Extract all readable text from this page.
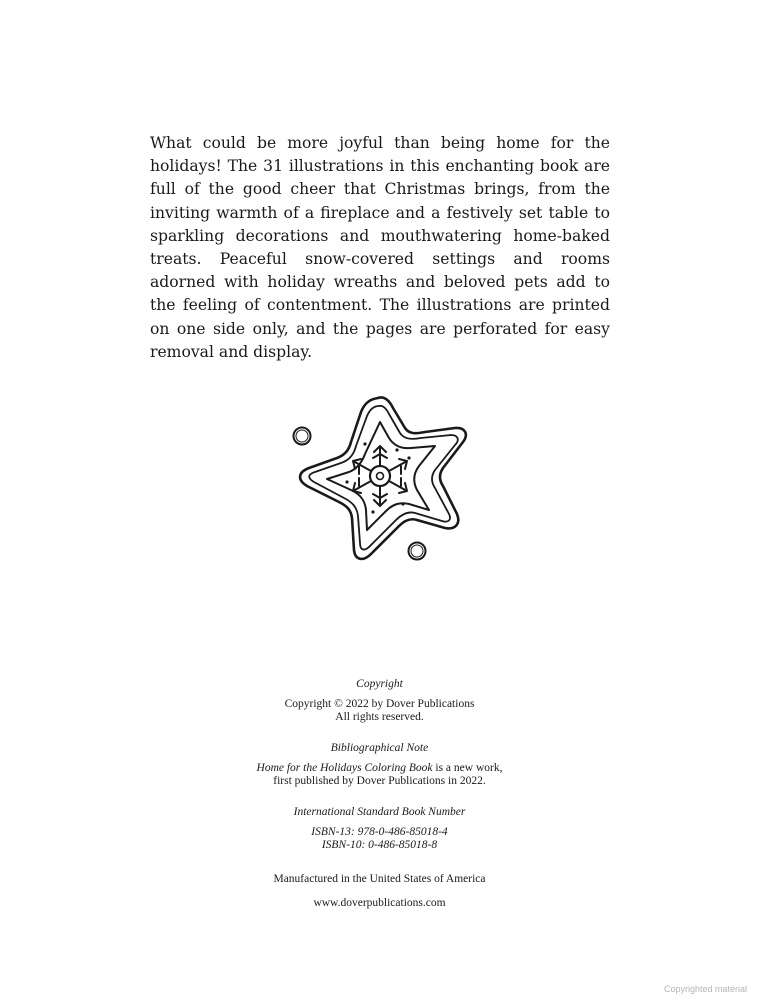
What could be more joyful than being home for the holidays! The 31 illustrations in this enchanting book are full of the good cheer that Christmas brings, from the inviting warmth of a fireplace and a festively set table to sparkling decorations and mouthwatering home-baked treats. Peaceful snow-covered settings and rooms adorned with holiday wreaths and beloved pets add to the feeling of contentment. The illustrations are printed on one side only, and the pages are perforated for easy removal and display.

Copyright

Copyright © 2022 by Dover Publications

All rights reserved.

Bibliographical Note

Home for the Holidays Coloring Book is a new work,

first published by Dover Publications in 2022.

International Standard Book Number

ISBN-13: 978-0-486-85018-4

ISBN-10: 0-486-85018-8

Manufactured in the United States of America

www.doverpublications.com

Copyrighted material
